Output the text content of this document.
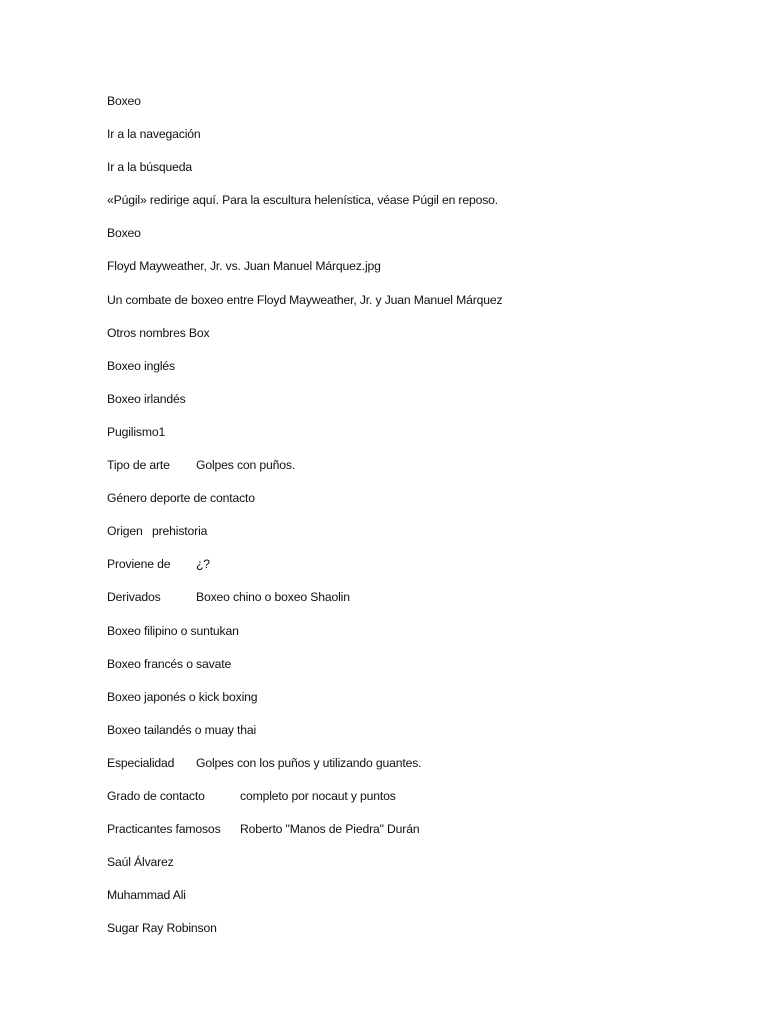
Boxeo
Ir a la navegación
Ir a la búsqueda
«Púgil» redirige aquí. Para la escultura helenística, véase Púgil en reposo.
Boxeo
Floyd Mayweather, Jr. vs. Juan Manuel Márquez.jpg
Un combate de boxeo entre Floyd Mayweather, Jr. y Juan Manuel Márquez
Otros nombres Box
Boxeo inglés
Boxeo irlandés
Pugilismo1
Tipo de arte Golpes con puños.
Género deporte de contacto
Origen prehistoria
Proviene de ¿?
Derivados	Boxeo chino o boxeo Shaolin
Boxeo filipino o suntukan
Boxeo francés o savate
Boxeo japonés o kick boxing
Boxeo tailandés o muay thai
Especialidad Golpes con los puños y utilizando guantes.
Grado de contacto	completo por nocaut y puntos
Practicantes famosos Roberto "Manos de Piedra" Durán
Saúl Álvarez
Muhammad Ali
Sugar Ray Robinson
